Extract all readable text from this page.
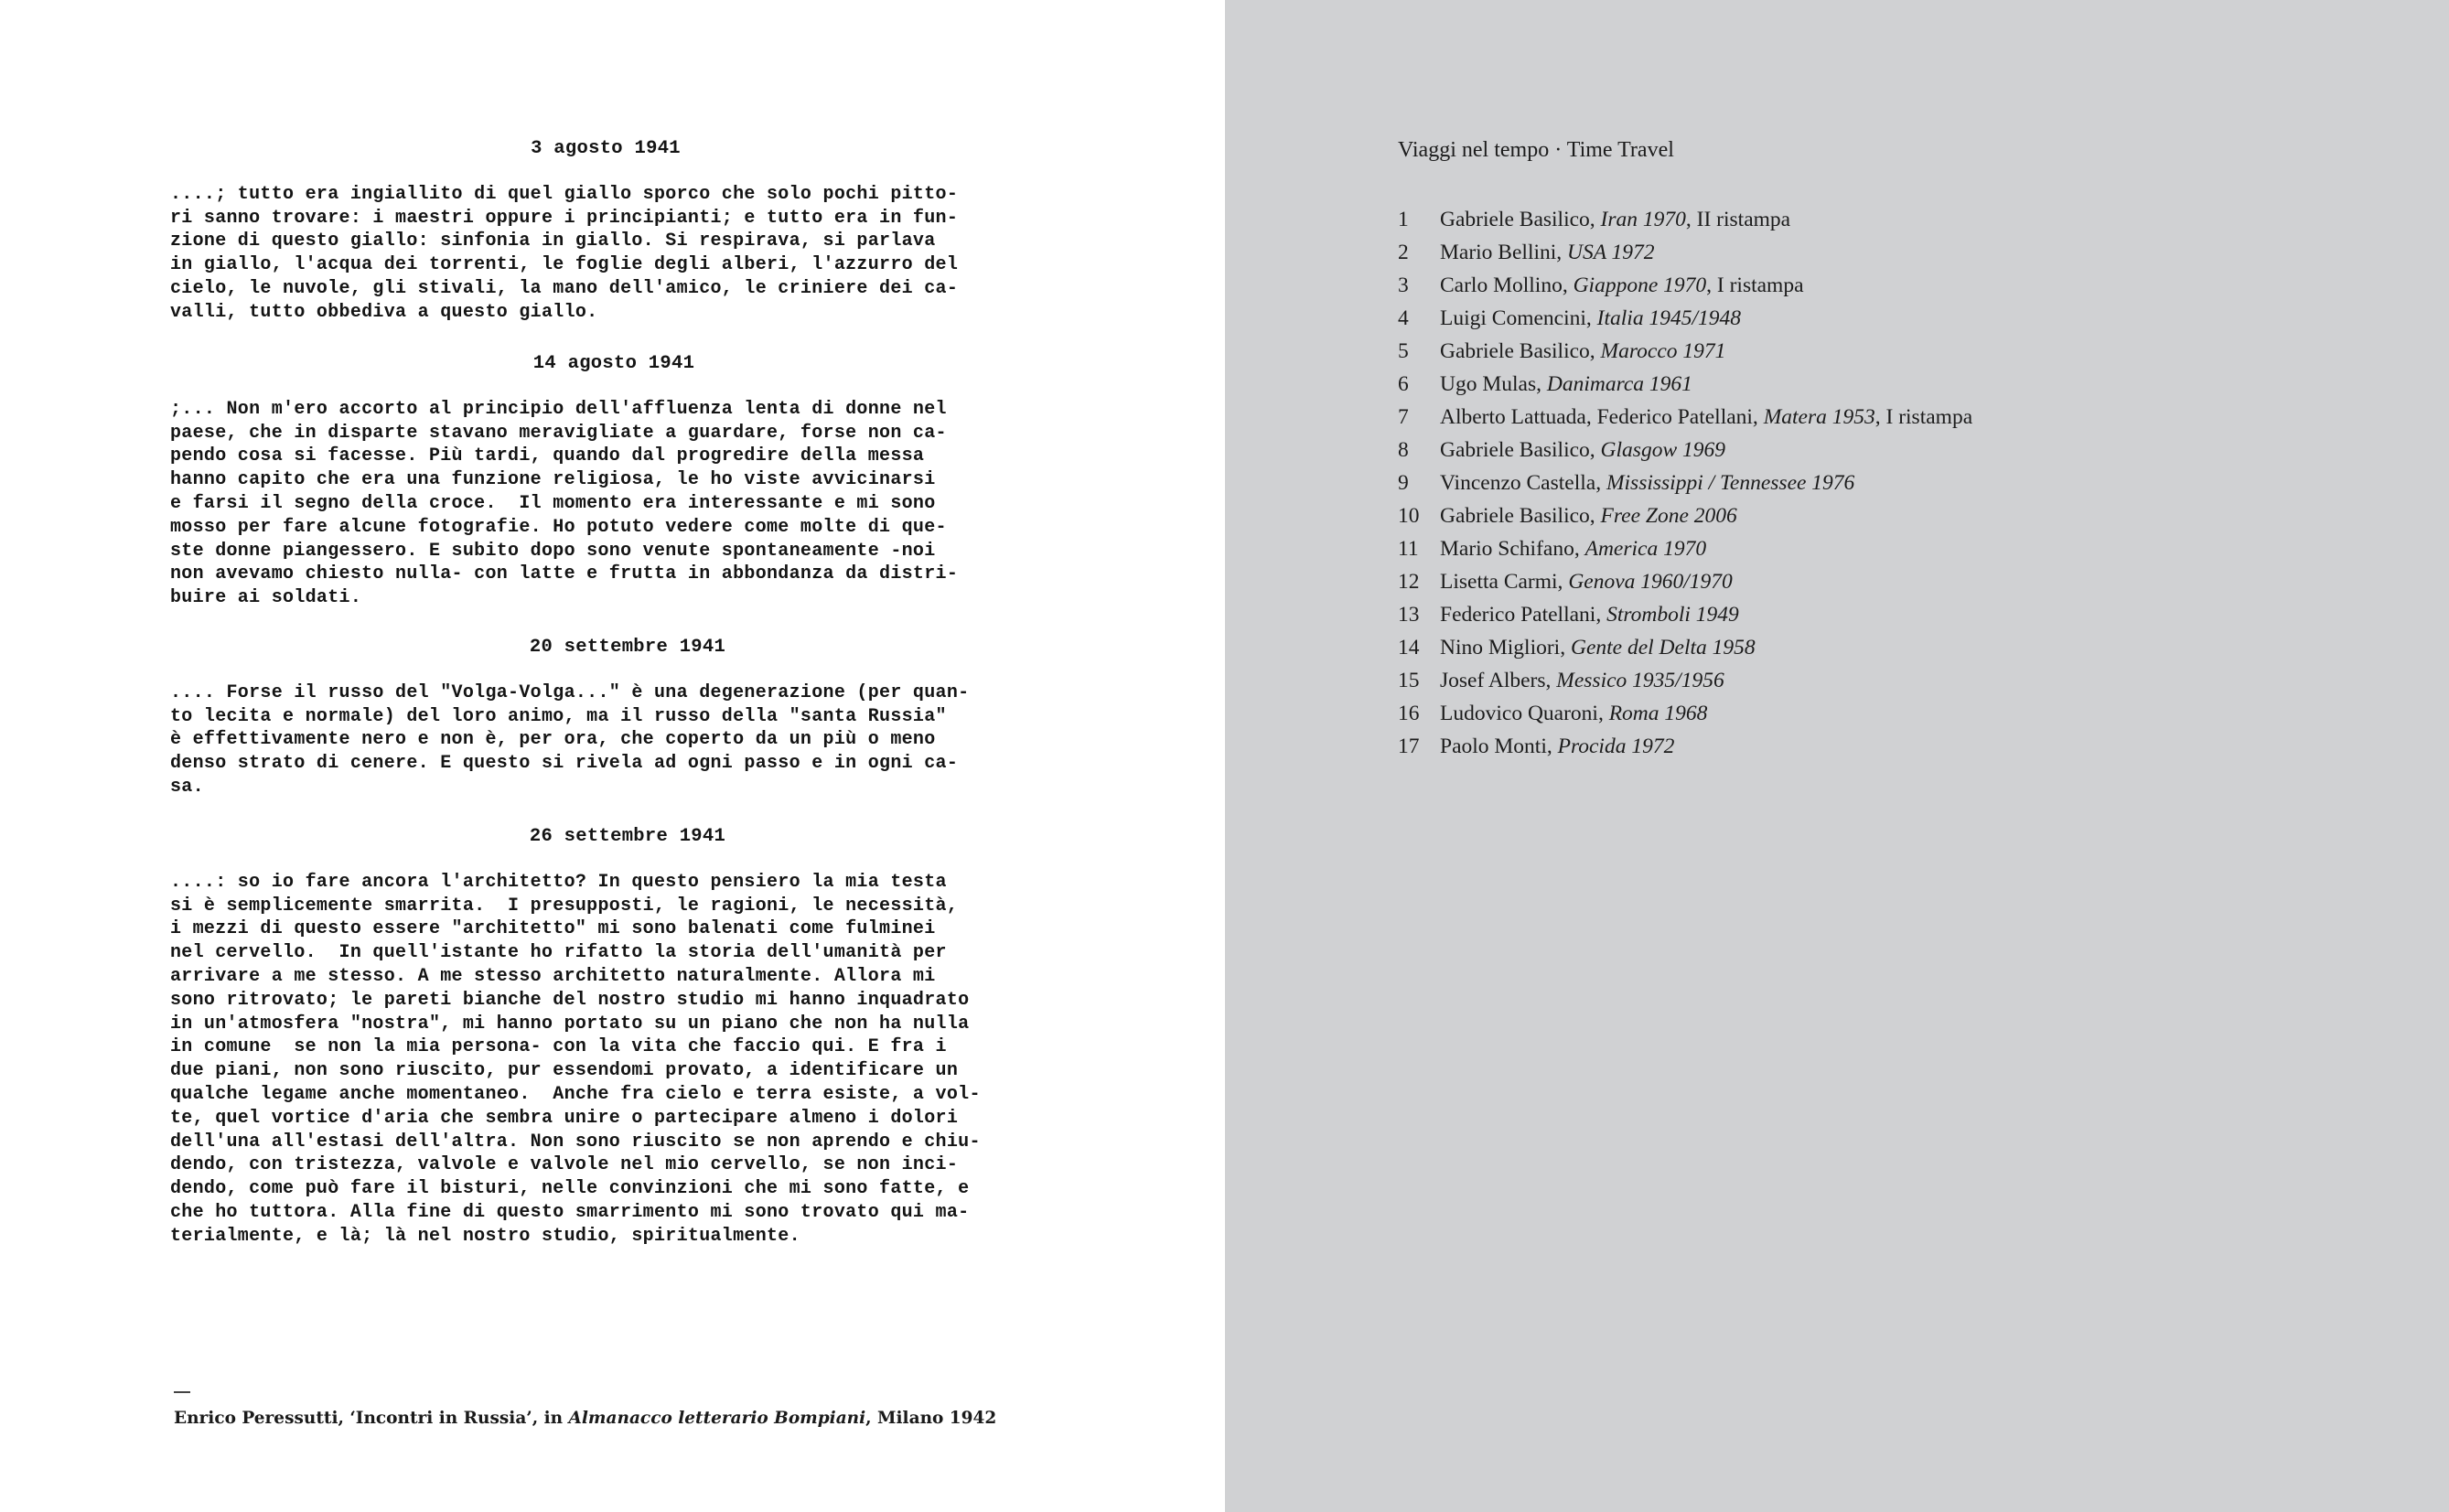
3 agosto 1941
....; tutto era ingiallito di quel giallo sporco che solo pochi pitto-
ri sanno trovare: i maestri oppure i principianti; e tutto era in fun-
zione di questo giallo: sinfonia in giallo. Si respirava, si parlava
in giallo, l'acqua dei torrenti, le foglie degli alberi, l'azzurro del
cielo, le nuvole, gli stivali, la mano dell'amico, le criniere dei ca-
valli, tutto obbediva a questo giallo.
14 agosto 1941
;... Non m'ero accorto al principio dell'affluenza lenta di donne nel
paese, che in disparte stavano meravigliate a guardare, forse non ca-
pendo cosa si facesse. Più tardi, quando dal progredire della messa
hanno capito che era una funzione religiosa, le ho viste avvicinarsi
e farsi il segno della croce.  Il momento era interessante e mi sono
mosso per fare alcune fotografie. Ho potuto vedere come molte di que-
ste donne piangessero. E subito dopo sono venute spontaneamente -noi
non avevamo chiesto nulla- con latte e frutta in abbondanza da distri-
buire ai soldati.
20 settembre 1941
.... Forse il russo del "Volga-Volga..." è una degenerazione (per quan-
to lecita e normale) del loro animo, ma il russo della "santa Russia"
è effettivamente nero e non è, per ora, che coperto da un più o meno
denso strato di cenere. E questo si rivela ad ogni passo e in ogni ca-
sa.
26 settembre 1941
....: so io fare ancora l'architetto? In questo pensiero la mia testa
si è semplicemente smarrita.  I presupposti, le ragioni, le necessità,
i mezzi di questo essere "architetto" mi sono balenati come fulminei
nel cervello.  In quell'istante ho rifatto la storia dell'umanità per
arrivare a me stesso. A me stesso architetto naturalmente. Allora mi
sono ritrovato; le pareti bianche del nostro studio mi hanno inquadrato
in un'atmosfera "nostra", mi hanno portato su un piano che non ha nulla
in comune  se non la mia persona- con la vita che faccio qui. E fra i
due piani, non sono riuscito, pur essendomi provato, a identificare un
qualche legame anche momentaneo.  Anche fra cielo e terra esiste, a vol-
te, quel vortice d'aria che sembra unire o partecipare almeno i dolori
dell'una all'estasi dell'altra. Non sono riuscito se non aprendo e chiu-
dendo, con tristezza, valvole e valvole nel mio cervello, se non inci-
dendo, come può fare il bisturi, nelle convinzioni che mi sono fatte, e
che ho tuttora. Alla fine di questo smarrimento mi sono trovato qui ma-
terialmente, e là; là nel nostro studio, spiritualmente.
Enrico Peressutti, ‘Incontri in Russia’, in Almanacco letterario Bompiani, Milano 1942
Viaggi nel tempo · Time Travel
1 Gabriele Basilico, Iran 1970, II ristampa
2 Mario Bellini, USA 1972
3 Carlo Mollino, Giappone 1970, I ristampa
4 Luigi Comencini, Italia 1945/1948
5 Gabriele Basilico, Marocco 1971
6 Ugo Mulas, Danimarca 1961
7 Alberto Lattuada, Federico Patellani, Matera 1953, I ristampa
8 Gabriele Basilico, Glasgow 1969
9 Vincenzo Castella, Mississippi / Tennessee 1976
10 Gabriele Basilico, Free Zone 2006
11 Mario Schifano, America 1970
12 Lisetta Carmi, Genova 1960/1970
13 Federico Patellani, Stromboli 1949
14 Nino Migliori, Gente del Delta 1958
15 Josef Albers, Messico 1935/1956
16 Ludovico Quaroni, Roma 1968
17 Paolo Monti, Procida 1972
